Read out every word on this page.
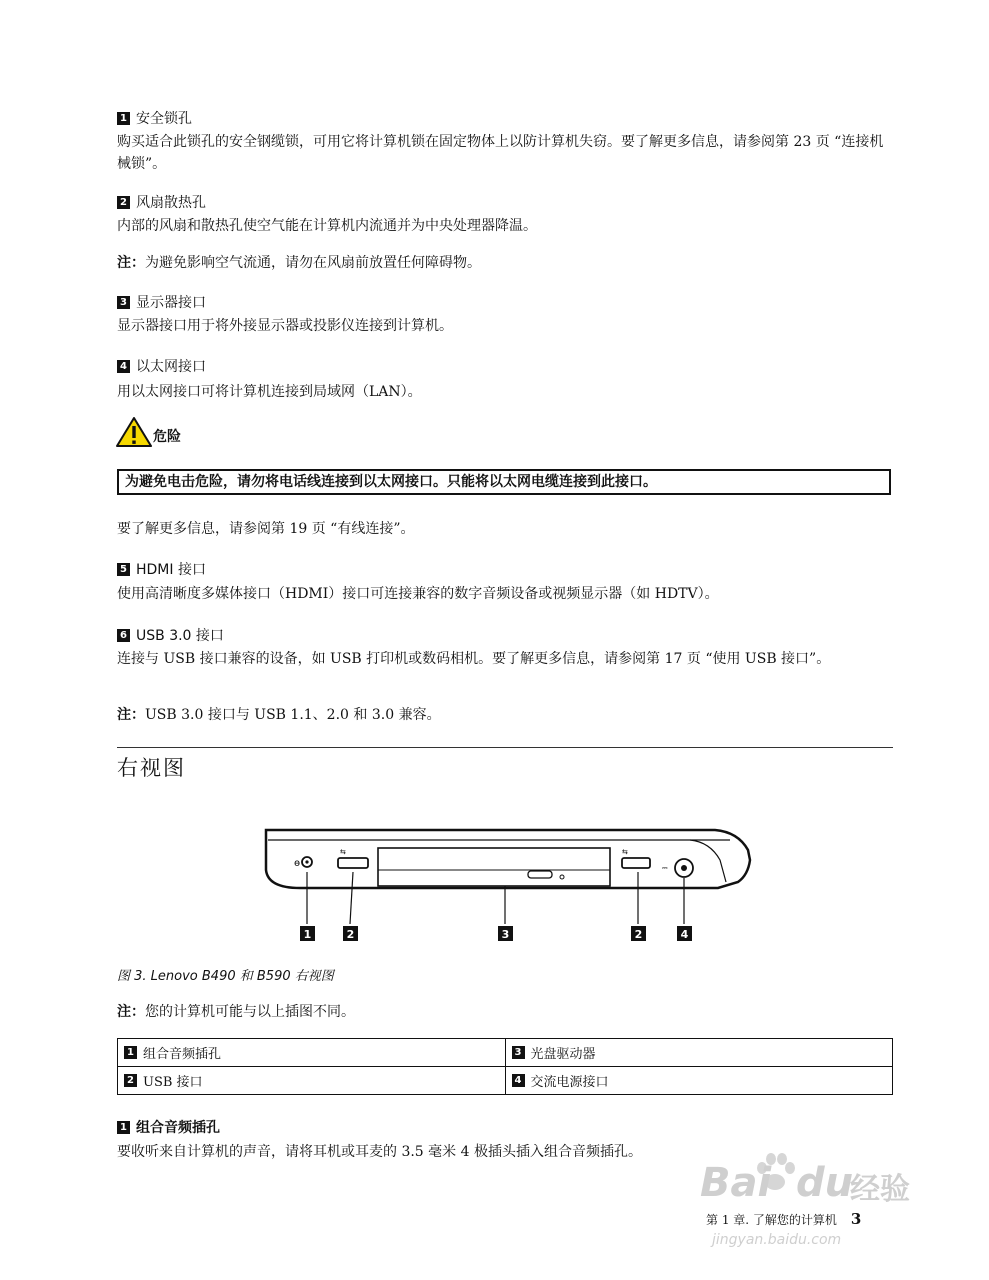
1 安全锁孔
购买适合此锁孔的安全钢缆锁，可用它将计算机锁在固定物体上以防计算机失窃。要了解更多信息，请参阅第 23 页 “连接机械锁”。
2 风扇散热孔
内部的风扇和散热孔使空气能在计算机内流通并为中央处理器降温。
注：为避免影响空气流通，请勿在风扇前放置任何障碍物。
3 显示器接口
显示器接口用于将外接显示器或投影仪连接到计算机。
4 以太网接口
用以太网接口可将计算机连接到局域网（LAN）。
危险
为避免电击危险，请勿将电话线连接到以太网接口。只能将以太网电缆连接到此接口。
要了解更多信息，请参阅第 19 页 “有线连接”。
5 HDMI 接口
使用高清晰度多媒体接口（HDMI）接口可连接兼容的数字音频设备或视频显示器（如 HDTV）。
6 USB 3.0 接口
连接与 USB 接口兼容的设备，如 USB 打印机或数码相机。要了解更多信息，请参阅第 17 页 “使用 USB 接口”。
注：USB 3.0 接口与 USB 1.1、2.0 和 3.0 兼容。
右视图
ɵ
⇆	⇆
⎓
1	2	3	2	4
图 3. Lenovo B490 和 B590 右视图
注：您的计算机可能与以上插图不同。
1 组合音频插孔	3 光盘驱动器

2 USB 接口	4 交流电源接口
1 组合音频插孔
要收听来自计算机的声音，请将耳机或耳麦的 3.5 毫米 4 极插头插入组合音频插孔。
Bai du
经验
第 1 章. 了解您的计算机 3
jingyan.baidu.com
